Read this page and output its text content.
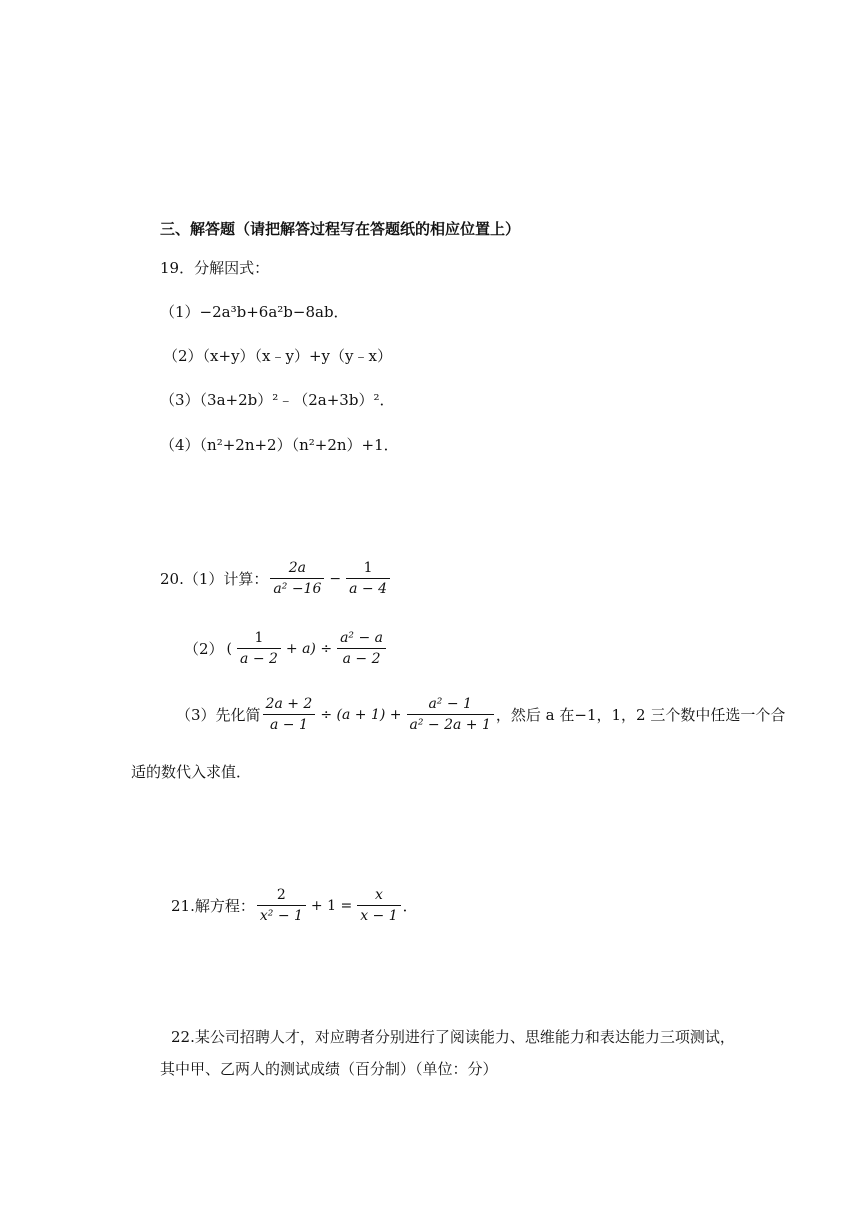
三、解答题（请把解答过程写在答题纸的相应位置上）
19．分解因式：
（1）−2a³b+6a²b−8ab．
（2）（x+y）（x﹣y）+y（y﹣x）
（3）（3a+2b）²﹣（2a+3b）²．
（4）（n²+2n+2）（n²+2n）+1．
20.（1）计算： $\frac{2a}{\text{a² −16}} - \frac{1}{a - 4}$
（2） ( $\frac{1}{a - 2} + a) \div \frac{\text{a² − a}}{a - 2}$
（3）先化简 $\frac{2a + 2}{a - 1} \div (a + 1) + \frac{\text{a² − 1}}{\text{a² − 2a + 1}}$ ，然后 a 在−1，1，2 三个数中任选一个合
适的数代入求值．
21.解方程： $\frac{2}{\text{x² − 1}} + 1 = \frac{x}{x - 1}$ ．
22.某公司招聘人才，对应聘者分别进行了阅读能力、思维能力和表达能力三项测试，
其中甲、乙两人的测试成绩（百分制）（单位：分）
